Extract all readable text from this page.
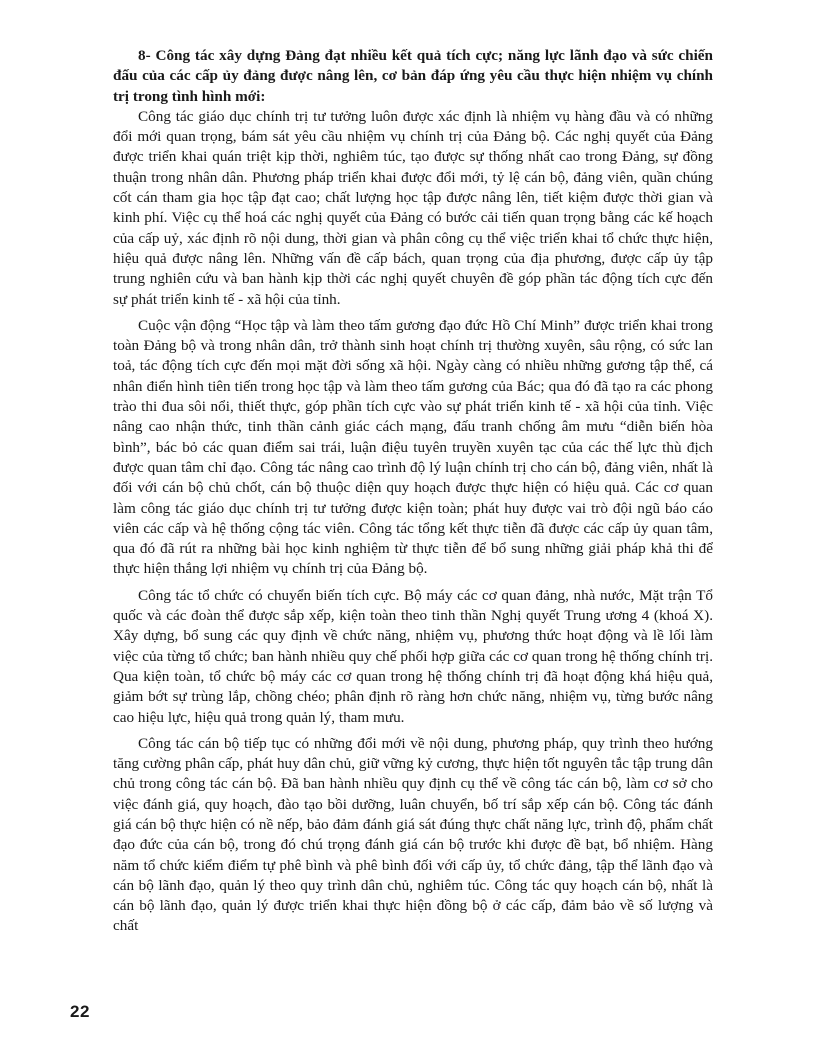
8- Công tác xây dựng Đảng đạt nhiều kết quả tích cực; năng lực lãnh đạo và sức chiến đấu của các cấp ủy đảng được nâng lên, cơ bản đáp ứng yêu cầu thực hiện nhiệm vụ chính trị trong tình hình mới:

Công tác giáo dục chính trị tư tưởng luôn được xác định là nhiệm vụ hàng đầu và có những đổi mới quan trọng, bám sát yêu cầu nhiệm vụ chính trị của Đảng bộ. Các nghị quyết của Đảng được triển khai quán triệt kịp thời, nghiêm túc, tạo được sự thống nhất cao trong Đảng, sự đồng thuận trong nhân dân. Phương pháp triển khai được đổi mới, tỷ lệ cán bộ, đảng viên, quần chúng cốt cán tham gia học tập đạt cao; chất lượng học tập được nâng lên, tiết kiệm được thời gian và kinh phí. Việc cụ thể hoá các nghị quyết của Đảng có bước cải tiến quan trọng bằng các kế hoạch của cấp uỷ, xác định rõ nội dung, thời gian và phân công cụ thể việc triển khai tổ chức thực hiện, hiệu quả được nâng lên. Những vấn đề cấp bách, quan trọng của địa phương, được cấp ủy tập trung nghiên cứu và ban hành kịp thời các nghị quyết chuyên đề góp phần tác động tích cực đến sự phát triển kinh tế - xã hội của tỉnh.

Cuộc vận động “Học tập và làm theo tấm gương đạo đức Hồ Chí Minh” được triển khai trong toàn Đảng bộ và trong nhân dân, trở thành sinh hoạt chính trị thường xuyên, sâu rộng, có sức lan toả, tác động tích cực đến mọi mặt đời sống xã hội. Ngày càng có nhiều những gương tập thể, cá nhân điển hình tiên tiến trong học tập và làm theo tấm gương của Bác; qua đó đã tạo ra các phong trào thi đua sôi nổi, thiết thực, góp phần tích cực vào sự phát triển kinh tế - xã hội của tỉnh. Việc nâng cao nhận thức, tinh thần cảnh giác cách mạng, đấu tranh chống âm mưu “diễn biến hòa bình”, bác bỏ các quan điểm sai trái, luận điệu tuyên truyền xuyên tạc của các thế lực thù địch được quan tâm chỉ đạo. Công tác nâng cao trình độ lý luận chính trị cho cán bộ, đảng viên, nhất là đối với cán bộ chủ chốt, cán bộ thuộc diện quy hoạch được thực hiện có hiệu quả. Các cơ quan làm công tác giáo dục chính trị tư tưởng được kiện toàn; phát huy được vai trò đội ngũ báo cáo viên các cấp và hệ thống cộng tác viên. Công tác tổng kết thực tiễn đã được các cấp ủy quan tâm, qua đó đã rút ra những bài học kinh nghiệm từ thực tiễn để bổ sung những giải pháp khả thi để thực hiện thắng lợi nhiệm vụ chính trị của Đảng bộ.

Công tác tổ chức có chuyển biến tích cực. Bộ máy các cơ quan đảng, nhà nước, Mặt trận Tổ quốc và các đoàn thể được sắp xếp, kiện toàn theo tinh thần Nghị quyết Trung ương 4 (khoá X). Xây dựng, bổ sung các quy định về chức năng, nhiệm vụ, phương thức hoạt động và lề lối làm việc của từng tổ chức; ban hành nhiều quy chế phối hợp giữa các cơ quan trong hệ thống chính trị. Qua kiện toàn, tổ chức bộ máy các cơ quan trong hệ thống chính trị đã hoạt động khá hiệu quả, giảm bớt sự trùng lắp, chồng chéo; phân định rõ ràng hơn chức năng, nhiệm vụ, từng bước nâng cao hiệu lực, hiệu quả trong quản lý, tham mưu.

Công tác cán bộ tiếp tục có những đổi mới về nội dung, phương pháp, quy trình theo hướng tăng cường phân cấp, phát huy dân chủ, giữ vững kỷ cương, thực hiện tốt nguyên tắc tập trung dân chủ trong công tác cán bộ. Đã ban hành nhiều quy định cụ thể về công tác cán bộ, làm cơ sở cho việc đánh giá, quy hoạch, đào tạo bồi dưỡng, luân chuyển, bố trí sắp xếp cán bộ. Công tác đánh giá cán bộ thực hiện có nề nếp, bảo đảm đánh giá sát đúng thực chất năng lực, trình độ, phẩm chất đạo đức của cán bộ, trong đó chú trọng đánh giá cán bộ trước khi được đề bạt, bổ nhiệm. Hàng năm tổ chức kiểm điểm tự phê bình và phê bình đối với cấp ủy, tổ chức đảng, tập thể lãnh đạo và cán bộ lãnh đạo, quản lý theo quy trình dân chủ, nghiêm túc. Công tác quy hoạch cán bộ, nhất là cán bộ lãnh đạo, quản lý được triển khai thực hiện đồng bộ ở các cấp, đảm bảo về số lượng và chất

22
